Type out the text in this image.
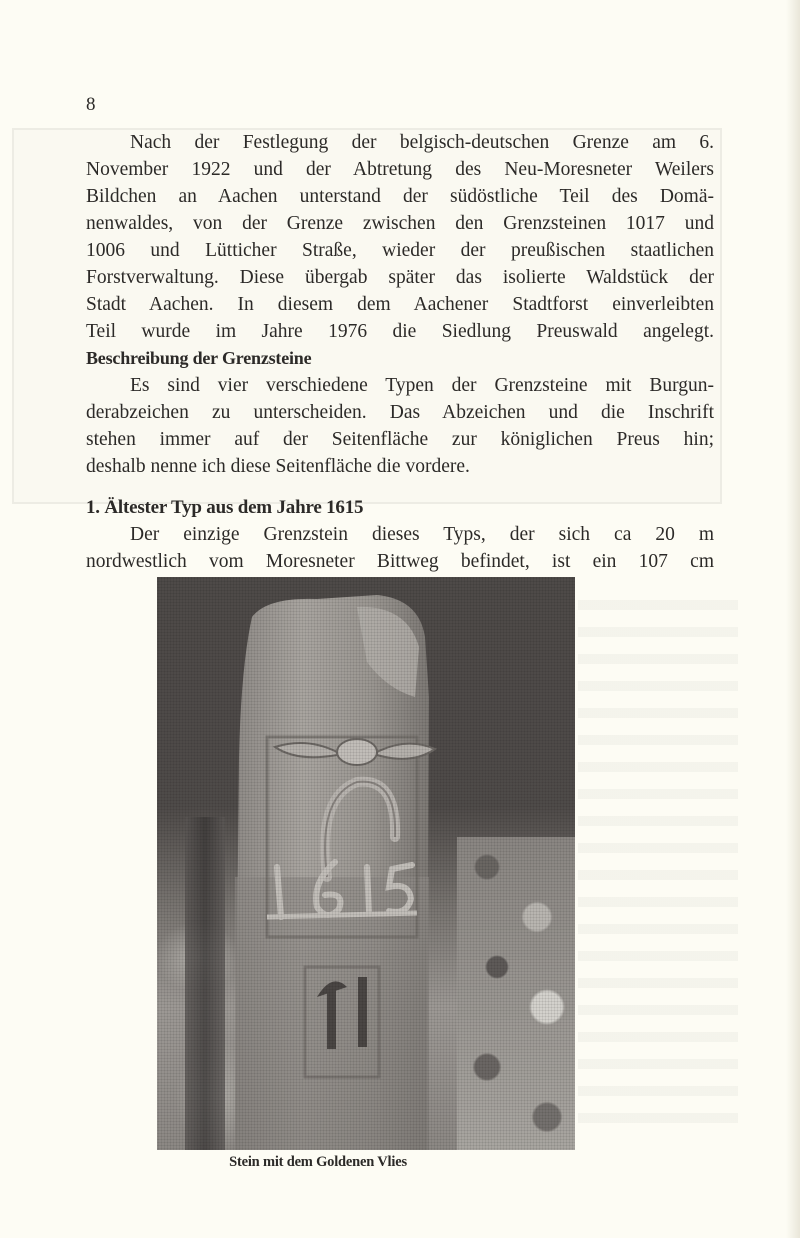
8

Nach der Festlegung der belgisch-deutschen Grenze am 6.
November 1922 und der Abtretung des Neu-Moresneter Weilers
Bildchen an Aachen unterstand der südöstliche Teil des Domä-
nenwaldes, von der Grenze zwischen den Grenzsteinen 1017 und
1006 und Lütticher Straße, wieder der preußischen staatlichen
Forstverwaltung. Diese übergab später das isolierte Waldstück der
Stadt Aachen. In diesem dem Aachener Stadtforst einverleibten
Teil wurde im Jahre 1976 die Siedlung Preuswald angelegt.

Beschreibung der Grenzsteine

Es sind vier verschiedene Typen der Grenzsteine mit Burgun-
derabzeichen zu unterscheiden. Das Abzeichen und die Inschrift
stehen immer auf der Seitenfläche zur königlichen Preus hin;
deshalb nenne ich diese Seitenfläche die vordere.

1. Ältester Typ aus dem Jahre 1615

Der einzige Grenzstein dieses Typs, der sich ca 20 m
nordwestlich vom Moresneter Bittweg befindet, ist ein 107 cm

Stein mit dem Goldenen Vlies
